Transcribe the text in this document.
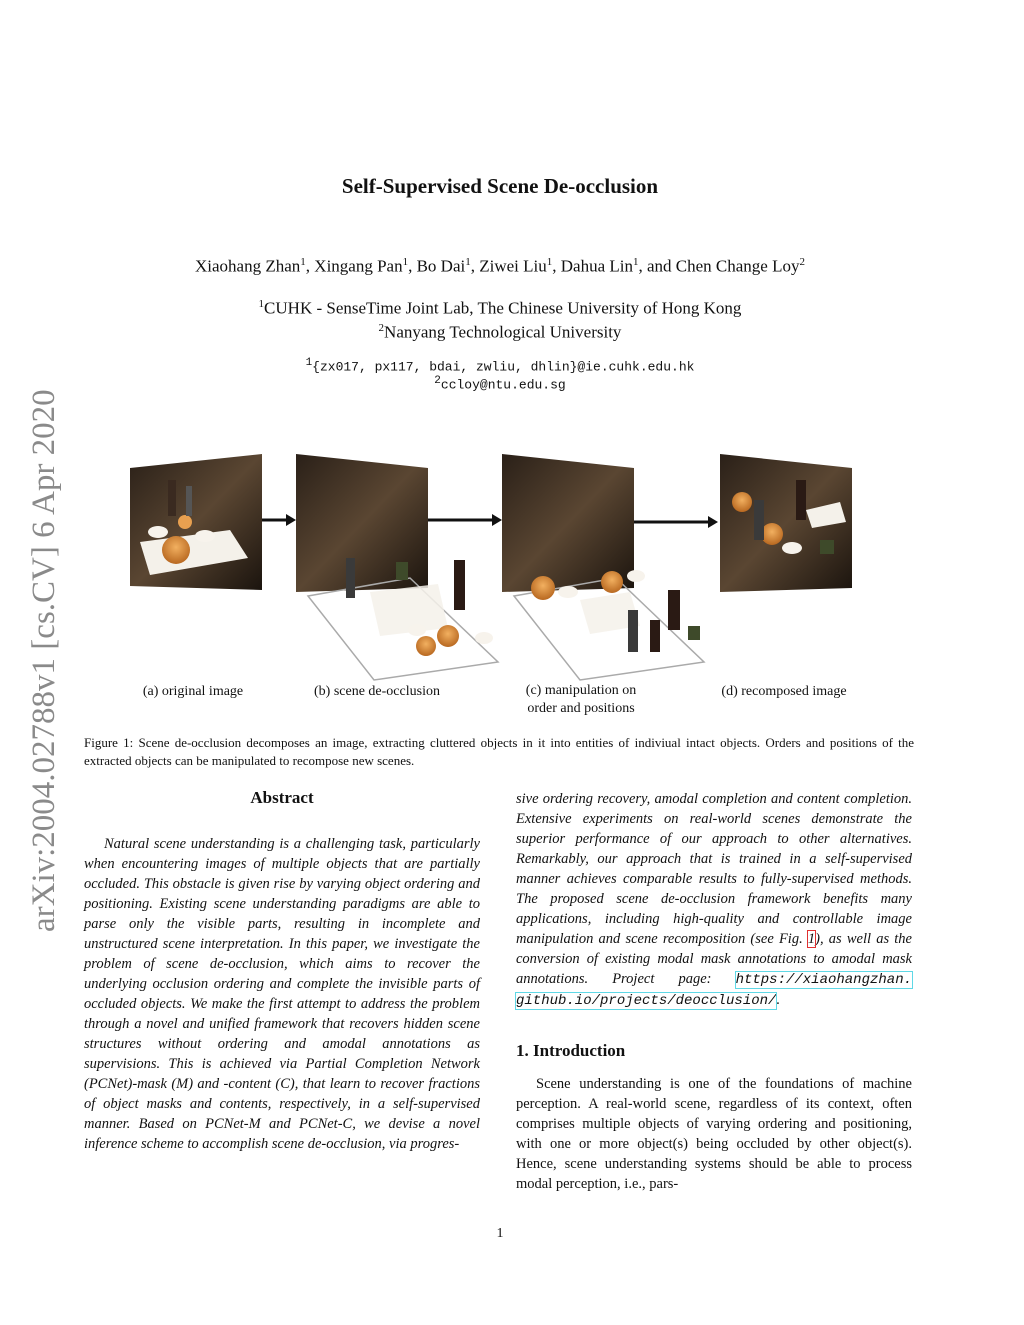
arXiv:2004.02788v1 [cs.CV] 6 Apr 2020
Self-Supervised Scene De-occlusion
Xiaohang Zhan$^1$, Xingang Pan$^1$, Bo Dai$^1$, Ziwei Liu$^1$, Dahua Lin$^1$, and Chen Change Loy$^2$
$^1$CUHK - SenseTime Joint Lab, The Chinese University of Hong Kong
$^2$Nanyang Technological University
$^1${zx017, px117, bdai, zwliu, dhlin}@ie.cuhk.edu.hk
$^2$ccloy@ntu.edu.sg
(a) original image	(b) scene de-occlusion	(c) manipulation on
order and positions
(d) recomposed image
Figure 1: Scene de-occlusion decomposes an image, extracting cluttered objects in it into entities of indiviual intact objects. Orders and positions of the extracted objects can be manipulated to recompose new scenes.
Abstract
Natural scene understanding is a challenging task, particularly when encountering images of multiple objects that are partially occluded. This obstacle is given rise by varying object ordering and positioning. Existing scene understanding paradigms are able to parse only the visible parts, resulting in incomplete and unstructured scene interpretation. In this paper, we investigate the problem of scene de-occlusion, which aims to recover the underlying occlusion ordering and complete the invisible parts of occluded objects. We make the first attempt to address the problem through a novel and unified framework that recovers hidden scene structures without ordering and amodal annotations as supervisions. This is achieved via Partial Completion Network (PCNet)-mask (M) and -content (C), that learn to recover fractions of object masks and contents, respectively, in a self-supervised manner. Based on PCNet-M and PCNet-C, we devise a novel inference scheme to accomplish scene de-occlusion, via progres-
sive ordering recovery, amodal completion and content completion. Extensive experiments on real-world scenes demonstrate the superior performance of our approach to other alternatives. Remarkably, our approach that is trained in a self-supervised manner achieves comparable results to fully-supervised methods. The proposed scene de-occlusion framework benefits many applications, including high-quality and controllable image manipulation and scene recomposition (see Fig. 1), as well as the conversion of existing modal mask annotations to amodal mask annotations. Project page: https://xiaohangzhan. github.io/projects/deocclusion/.
1. Introduction
Scene understanding is one of the foundations of machine perception. A real-world scene, regardless of its context, often comprises multiple objects of varying ordering and positioning, with one or more object(s) being occluded by other object(s). Hence, scene understanding systems should be able to process modal perception, i.e., pars-
1
